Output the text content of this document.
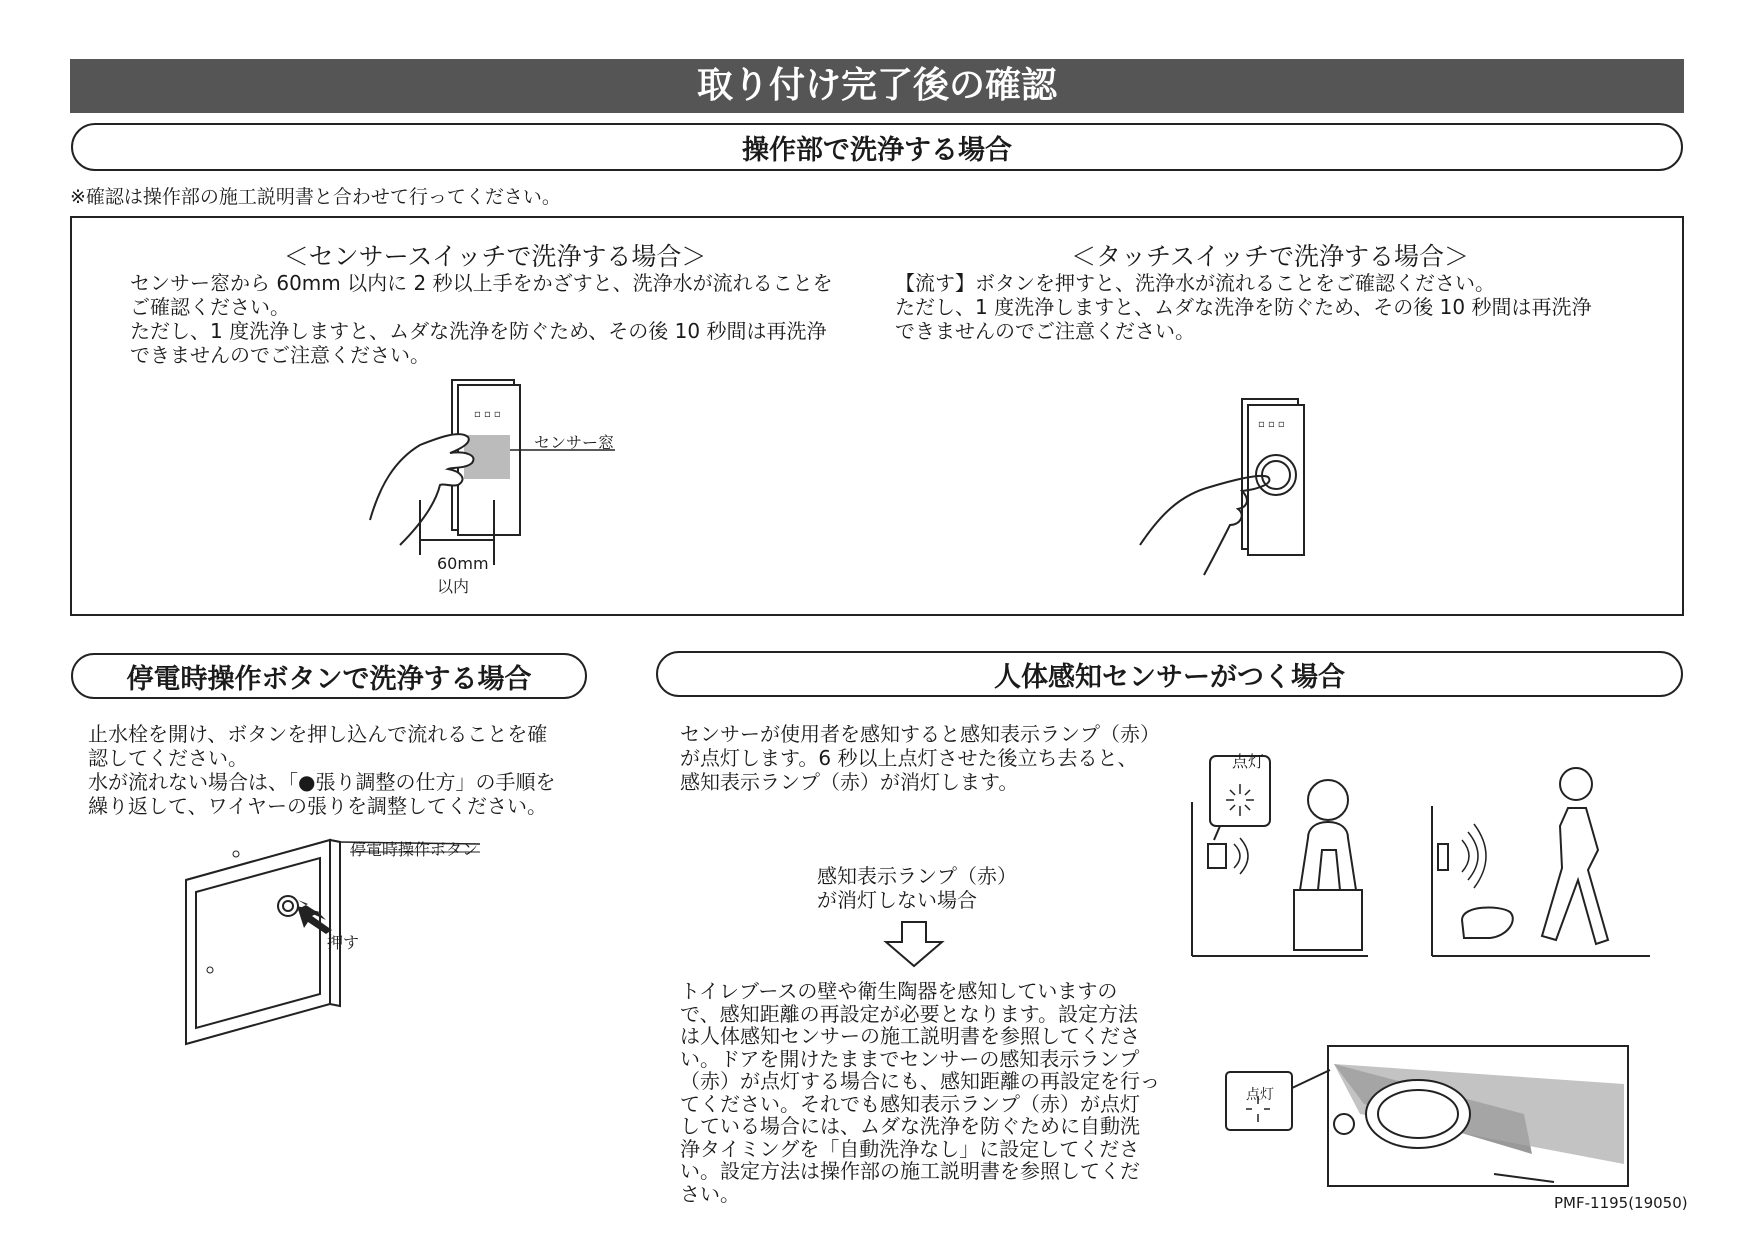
取り付け完了後の確認
操作部で洗浄する場合
※確認は操作部の施工説明書と合わせて行ってください。
＜センサースイッチで洗浄する場合＞
センサー窓から 60mm 以内に 2 秒以上手をかざすと、洗浄水が流れることを
ご確認ください。
ただし、1 度洗浄しますと、ムダな洗浄を防ぐため、その後 10 秒間は再洗浄
できませんのでご注意ください。
▫ ▫ ▫
センサー窓
60mm
以内
＜タッチスイッチで洗浄する場合＞
【流す】ボタンを押すと、洗浄水が流れることをご確認ください。
ただし、1 度洗浄しますと、ムダな洗浄を防ぐため、その後 10 秒間は再洗浄
できませんのでご注意ください。
▫ ▫ ▫
停電時操作ボタンで洗浄する場合
止水栓を開け、ボタンを押し込んで流れることを確
認してください。
水が流れない場合は、「●張り調整の仕方」の手順を
繰り返して、ワイヤーの張りを調整してください。
停電時操作ボタン
押す
人体感知センサーがつく場合
センサーが使用者を感知すると感知表示ランプ（赤）
が点灯します。6 秒以上点灯させた後立ち去ると、
感知表示ランプ（赤）が消灯します。
感知表示ランプ（赤）
が消灯しない場合
トイレブースの壁や衛生陶器を感知していますの
で、感知距離の再設定が必要となります。設定方法
は人体感知センサーの施工説明書を参照してくださ
い。ドアを開けたままでセンサーの感知表示ランプ
（赤）が点灯する場合にも、感知距離の再設定を行っ
てください。それでも感知表示ランプ（赤）が点灯
している場合には、ムダな洗浄を防ぐために自動洗
浄タイミングを「自動洗浄なし」に設定してくださ
い。設定方法は操作部の施工説明書を参照してくだ
さい。
点灯
点灯
PMF-1195(19050)
